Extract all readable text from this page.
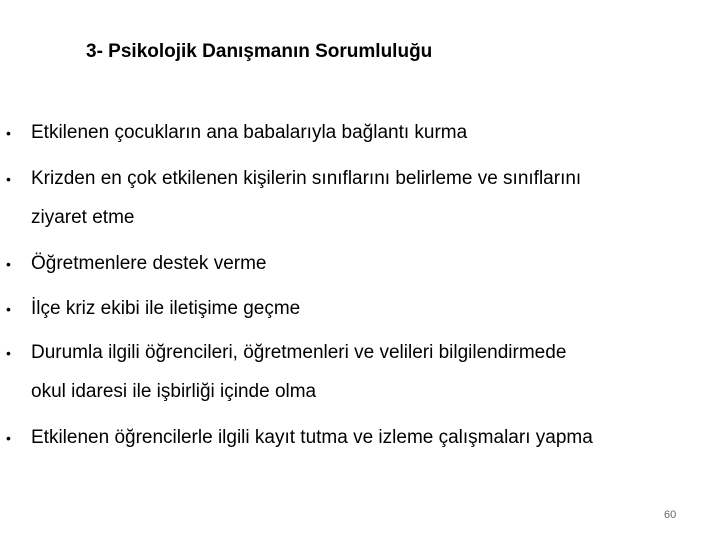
3- Psikolojik Danışmanın Sorumluluğu
• Etkilenen çocukların ana babalarıyla bağlantı kurma
• Krizden en çok etkilenen kişilerin sınıflarını belirleme ve sınıflarını
ziyaret etme
• Öğretmenlere destek verme
• İlçe kriz ekibi ile iletişime geçme
• Durumla ilgili öğrencileri, öğretmenleri ve velileri bilgilendirmede
okul idaresi ile işbirliği içinde olma
• Etkilenen öğrencilerle ilgili kayıt tutma ve izleme çalışmaları yapma
60
